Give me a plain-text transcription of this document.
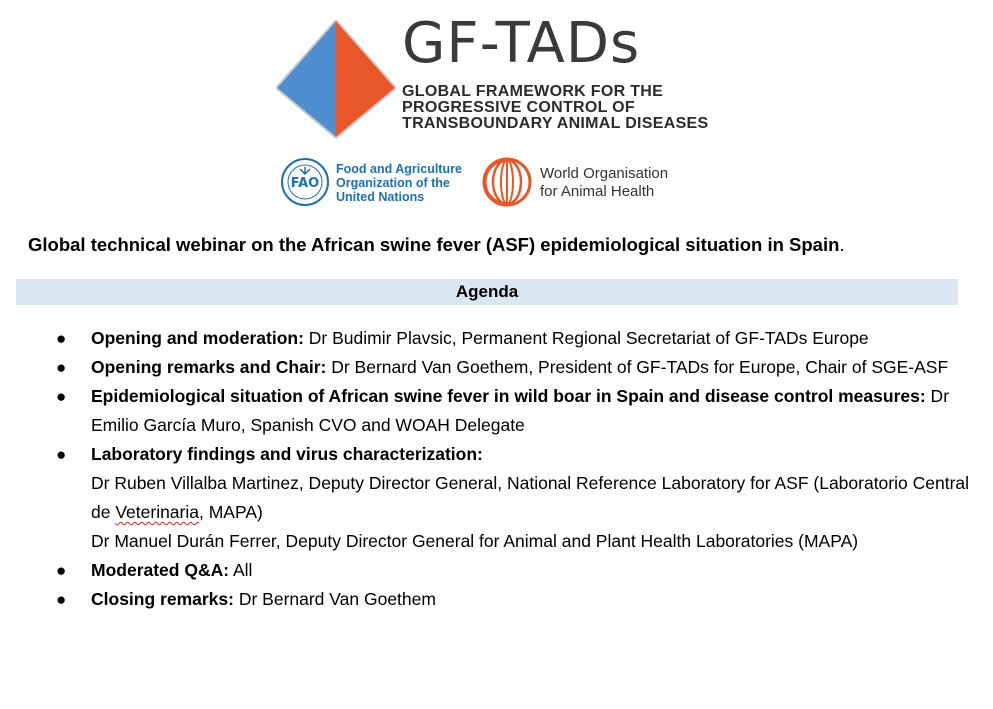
GF-TADs
GLOBAL FRAMEWORK FOR THE
PROGRESSIVE CONTROL OF
TRANSBOUNDARY ANIMAL DISEASES
FAO
Food and Agriculture
Organization of the
United Nations
World Organisation
for Animal Health
Global technical webinar on the African swine fever (ASF) epidemiological situation in Spain.
Agenda
● Opening and moderation: Dr Budimir Plavsic, Permanent Regional Secretariat of GF-TADs Europe
● Opening remarks and Chair: Dr Bernard Van Goethem, President of GF-TADs for Europe, Chair of SGE-ASF
● Epidemiological situation of African swine fever in wild boar in Spain and disease control measures: Dr Emilio García Muro, Spanish CVO and WOAH Delegate
● Laboratory findings and virus characterization:
Dr Ruben Villalba Martinez, Deputy Director General, National Reference Laboratory for ASF (Laboratorio Central de Veterinaria, MAPA)
Dr Manuel Durán Ferrer, Deputy Director General for Animal and Plant Health Laboratories (MAPA)
● Moderated Q&A: All
● Closing remarks: Dr Bernard Van Goethem
